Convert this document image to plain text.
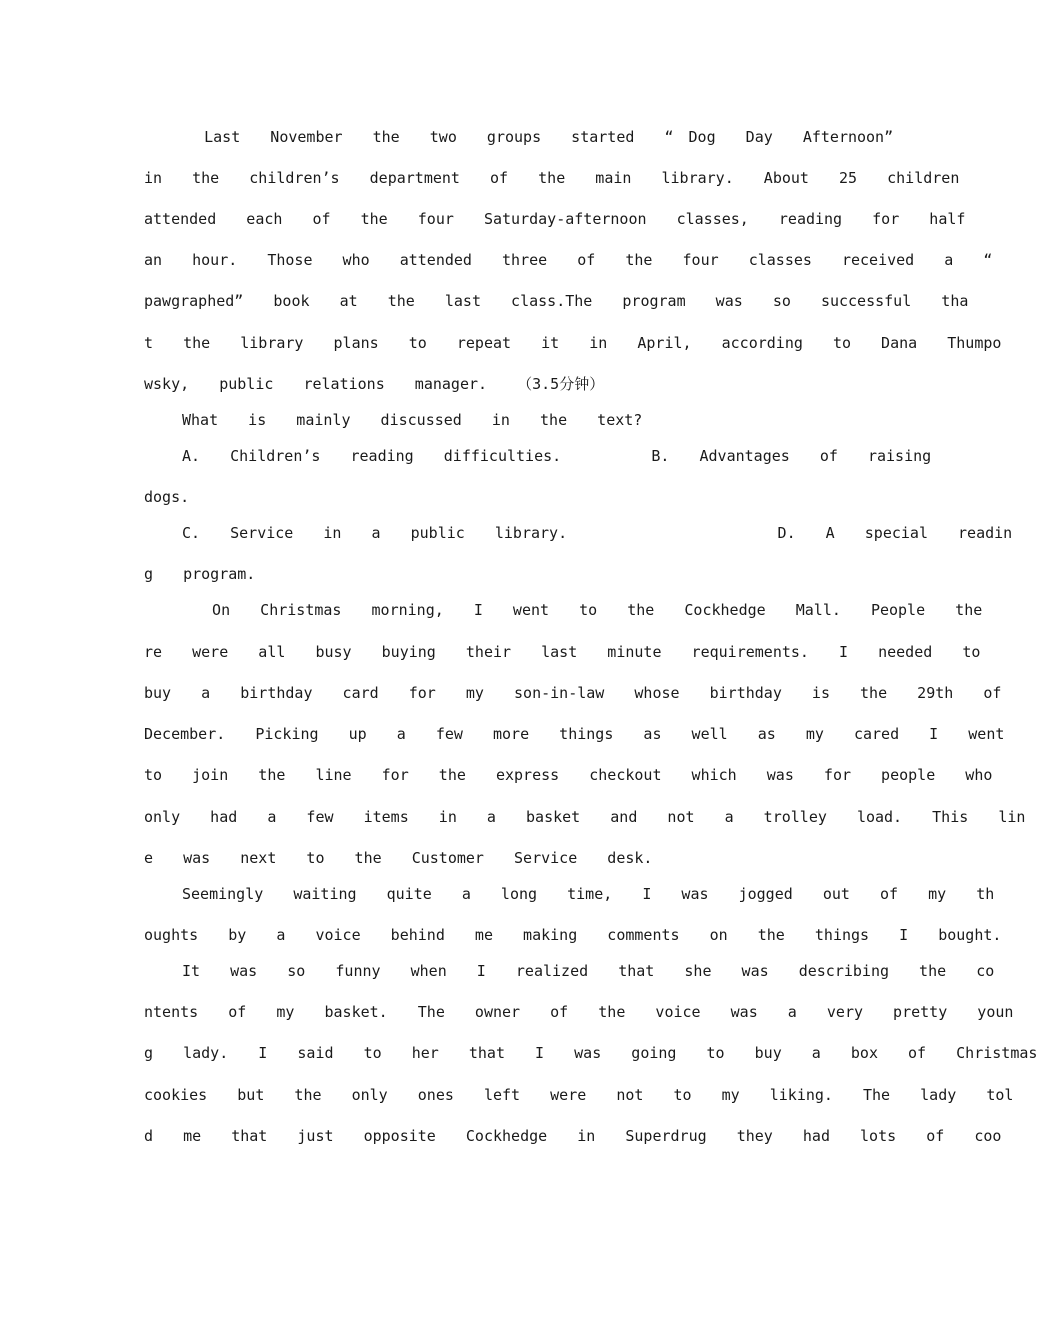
Last  November  the  two  groups  started  “ Dog  Day  Afternoon”
in  the  children’s  department  of  the  main  library.  About  25  children
attended  each  of  the  four  Saturday-afternoon  classes,  reading  for  half
an  hour.  Those  who  attended  three  of  the  four  classes  received  a  “
pawgraphed”  book  at  the  last  class.The  program  was  so  successful  tha
t  the  library  plans  to  repeat  it  in  April,  according  to  Dana  Thumpo
wsky,  public  relations  manager.  （3.5分钟）
What  is  mainly  discussed  in  the  text?
A.  Children’s  reading  difficulties.      B.  Advantages  of  raising
dogs.
C.  Service  in  a  public  library.              D.  A  special  readin
g  program.
On  Christmas  morning,  I  went  to  the  Cockhedge  Mall.  People  the
re  were  all  busy  buying  their  last  minute  requirements.  I  needed  to
buy  a  birthday  card  for  my  son-in-law  whose  birthday  is  the  29th  of
December.  Picking  up  a  few  more  things  as  well  as  my  cared  I  went
to  join  the  line  for  the  express  checkout  which  was  for  people  who
only  had  a  few  items  in  a  basket  and  not  a  trolley  load.  This  lin
e  was  next  to  the  Customer  Service  desk.
Seemingly  waiting  quite  a  long  time,  I  was  jogged  out  of  my  th
oughts  by  a  voice  behind  me  making  comments  on  the  things  I  bought.
It  was  so  funny  when  I  realized  that  she  was  describing  the  co
ntents  of  my  basket.  The  owner  of  the  voice  was  a  very  pretty  youn
g  lady.  I  said  to  her  that  I  was  going  to  buy  a  box  of  Christmas
cookies  but  the  only  ones  left  were  not  to  my  liking.  The  lady  tol
d  me  that  just  opposite  Cockhedge  in  Superdrug  they  had  lots  of  coo
